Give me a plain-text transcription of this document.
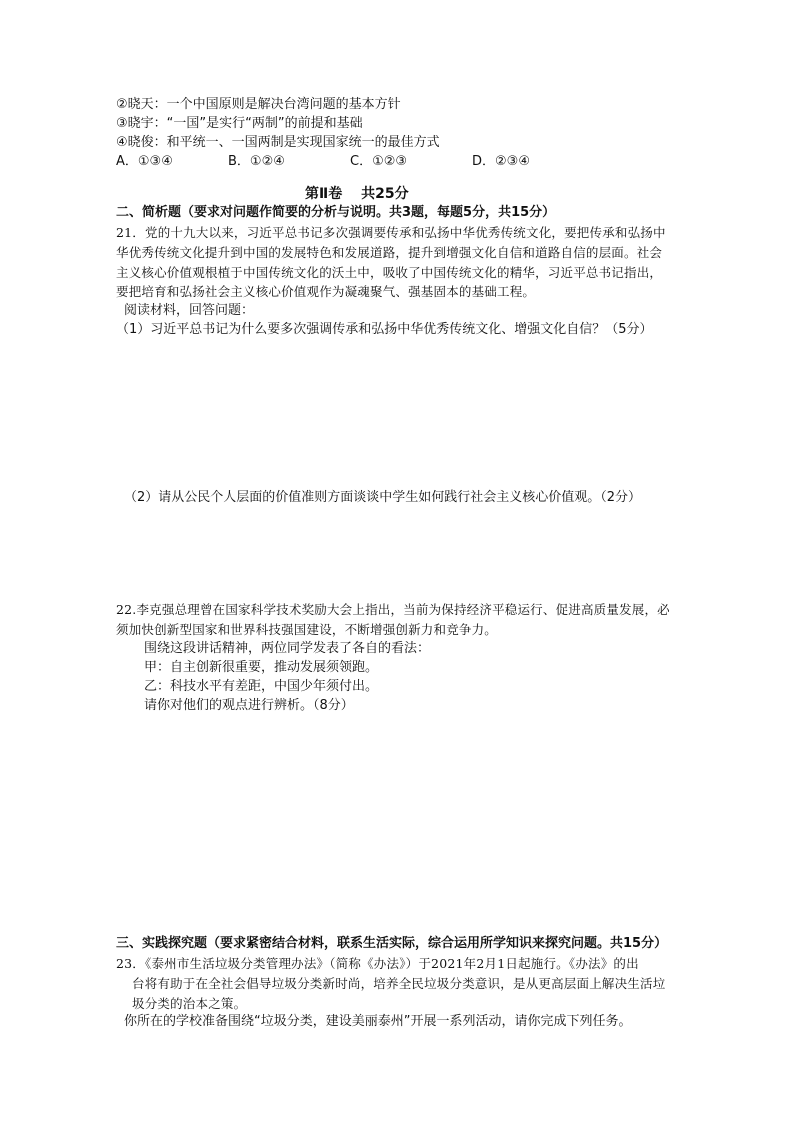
②晓天：一个中国原则是解决台湾问题的基本方针
③晓宇：“一国”是实行“两制”的前提和基础
④晓俊：和平统一、一国两制是实现国家统一的最佳方式
A．①③④	B．①②④	C．①②③	D．②③④
第Ⅱ卷　 共25分
二、简析题（要求对问题作简要的分析与说明。共3题，每题5分，共15分）
21．党的十九大以来，习近平总书记多次强调要传承和弘扬中华优秀传统文化，要把传承和弘扬中
华优秀传统文化提升到中国的发展特色和发展道路，提升到增强文化自信和道路自信的层面。社会
主义核心价值观根植于中国传统文化的沃土中，吸收了中国传统文化的精华，习近平总书记指出，
要把培育和弘扬社会主义核心价值观作为凝魂聚气、强基固本的基础工程。
阅读材料，回答问题：
（1）习近平总书记为什么要多次强调传承和弘扬中华优秀传统文化、增强文化自信？（5分）
（2）请从公民个人层面的价值准则方面谈谈中学生如何践行社会主义核心价值观。（2分）
22.李克强总理曾在国家科学技术奖励大会上指出，当前为保持经济平稳运行、促进高质量发展，必
须加快创新型国家和世界科技强国建设，不断增强创新力和竞争力。
围绕这段讲话精神，两位同学发表了各自的看法：
甲：自主创新很重要，推动发展须领跑。
乙：科技水平有差距，中国少年须付出。
请你对他们的观点进行辨析。（8分）
三、实践探究题（要求紧密结合材料，联系生活实际，综合运用所学知识来探究问题。共15分）
23．《泰州市生活垃圾分类管理办法》（简称《办法》）于2021年2月1日起施行。《办法》的出
台将有助于在全社会倡导垃圾分类新时尚，培养全民垃圾分类意识，是从更高层面上解决生活垃
圾分类的治本之策。
你所在的学校准备围绕“垃圾分类，建设美丽泰州”开展一系列活动，请你完成下列任务。
